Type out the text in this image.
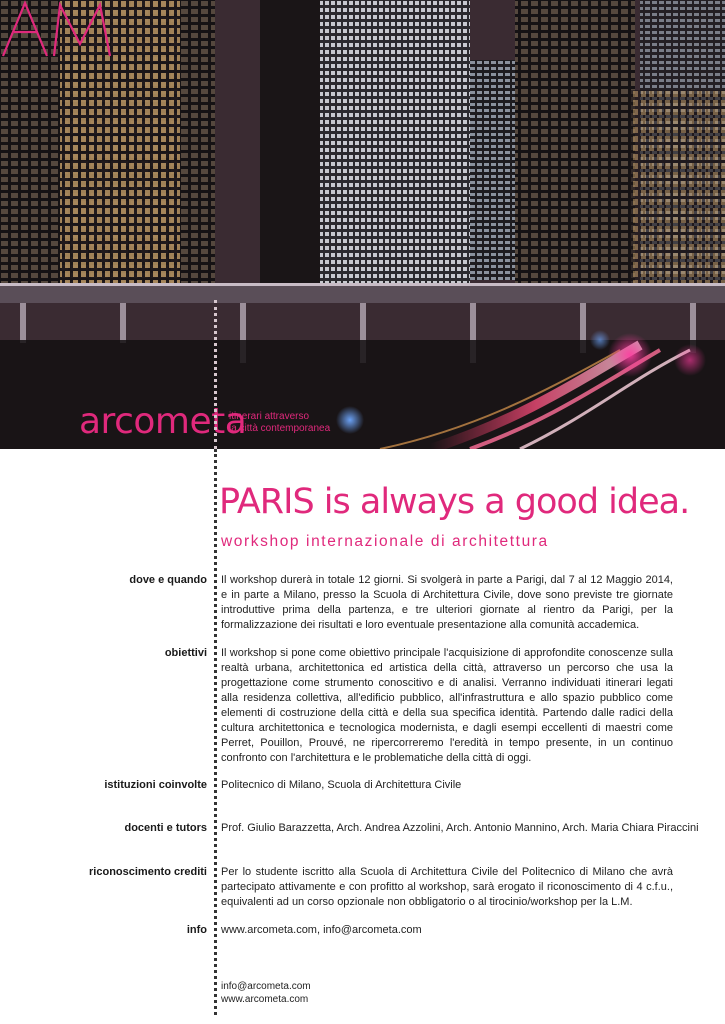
arcometa
itinerari attraverso
la città contemporanea
PARIS is always a good idea.
workshop internazionale di architettura
dove e quando Il workshop durerà in totale 12 giorni. Si svolgerà in parte a Parigi, dal 7 al 12 Maggio 2014, e in parte a Milano, presso la Scuola di Architettura Civile, dove sono previste tre giornate introduttive prima della partenza, e tre ulteriori giornate al rientro da Parigi, per la formalizzazione dei risultati e loro eventuale presentazione alla comunità accademica.
obiettivi Il workshop si pone come obiettivo principale l'acquisizione di approfondite conoscenze sulla realtà urbana, architettonica ed artistica della città, attraverso un percorso che usa la progettazione come strumento conoscitivo e di analisi. Verranno individuati itinerari legati alla residenza collettiva, all'edificio pubblico, all'infrastruttura e allo spazio pubblico come elementi di costruzione della città e della sua specifica identità. Partendo dalle radici della cultura architettonica e tecnologica modernista, e dagli esempi eccellenti di maestri come Perret, Pouillon, Prouvé, ne ripercorreremo l'eredità in tempo presente, in un continuo confronto con l'architettura e le problematiche della città di oggi.
istituzioni coinvolte Politecnico di Milano, Scuola di Architettura Civile
docenti e tutors Prof. Giulio Barazzetta, Arch. Andrea Azzolini, Arch. Antonio Mannino, Arch. Maria Chiara Piraccini
riconoscimento crediti Per lo studente iscritto alla Scuola di Architettura Civile del Politecnico di Milano che avrà partecipato attivamente e con profitto al workshop, sarà erogato il riconoscimento di 4 c.f.u., equivalenti ad un corso opzionale non obbligatorio o al tirocinio/workshop per la L.M.
info www.arcometa.com, info@arcometa.com
info@arcometa.com
www.arcometa.com
